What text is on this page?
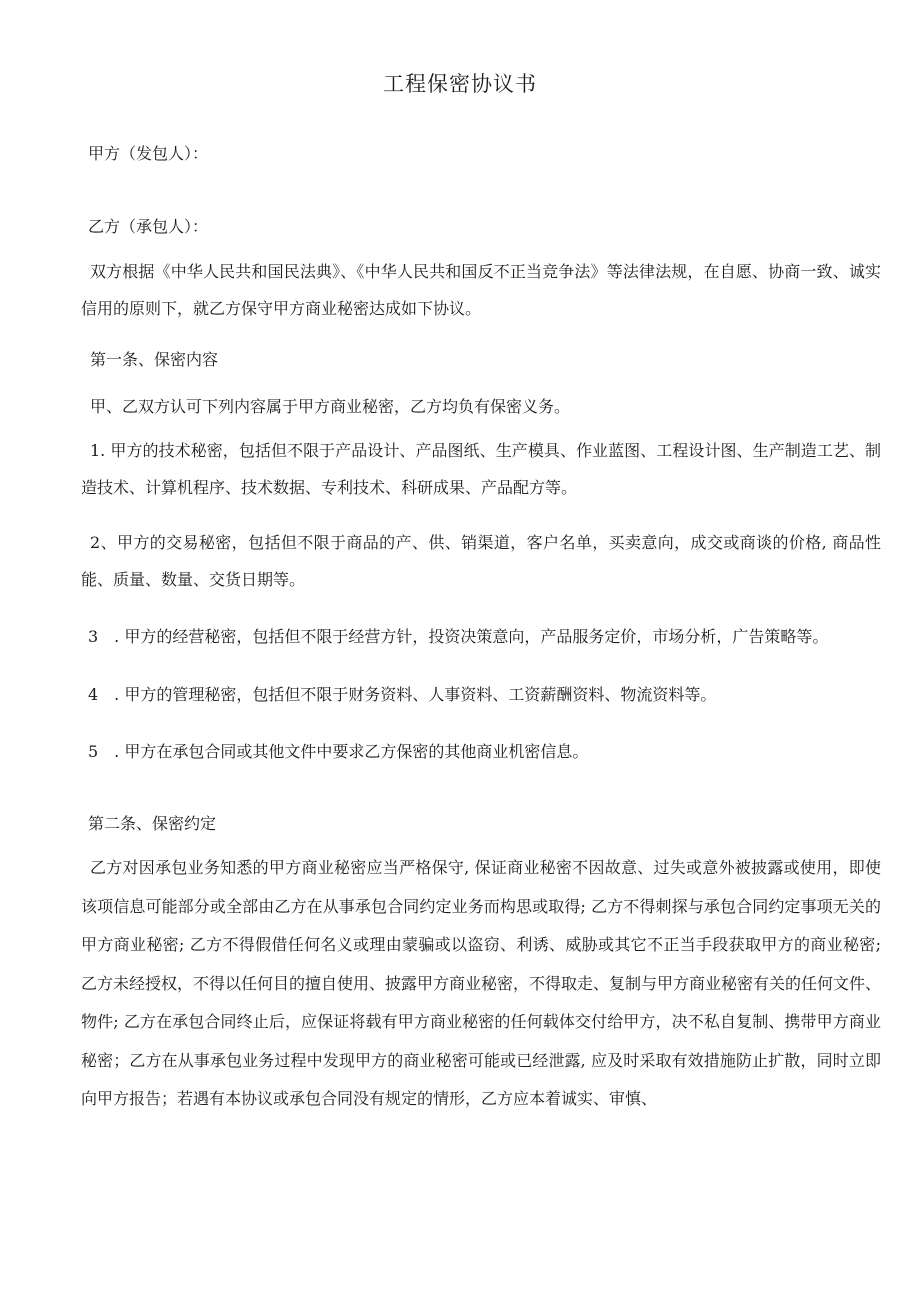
工程保密协议书
甲方（发包人）：
乙方（承包人）：
双方根据《中华人民共和国民法典》、《中华人民共和国反不正当竞争法》等法律法规，在自愿、协商一致、诚实信用的原则下，就乙方保守甲方商业秘密达成如下协议。
第一条、保密内容
甲、乙双方认可下列内容属于甲方商业秘密，乙方均负有保密义务。
1. 甲方的技术秘密，包括但不限于产品设计、产品图纸、生产模具、作业蓝图、工程设计图、生产制造工艺、制造技术、计算机程序、技术数据、专利技术、科研成果、产品配方等。
2、甲方的交易秘密，包括但不限于商品的产、供、销渠道，客户名单，买卖意向，成交或商谈的价格, 商品性能、质量、数量、交货日期等。
3　. 甲方的经营秘密，包括但不限于经营方针，投资决策意向，产品服务定价，市场分析，广告策略等。
4　. 甲方的管理秘密，包括但不限于财务资料、人事资料、工资薪酬资料、物流资料等。
5　. 甲方在承包合同或其他文件中要求乙方保密的其他商业机密信息。
第二条、保密约定
乙方对因承包业务知悉的甲方商业秘密应当严格保守, 保证商业秘密不因故意、过失或意外被披露或使用，即使该项信息可能部分或全部由乙方在从事承包合同约定业务而构思或取得; 乙方不得刺探与承包合同约定事项无关的甲方商业秘密; 乙方不得假借任何名义或理由蒙骗或以盗窃、利诱、威胁或其它不正当手段获取甲方的商业秘密; 乙方未经授权，不得以任何目的擅自使用、披露甲方商业秘密，不得取走、复制与甲方商业秘密有关的任何文件、物件; 乙方在承包合同终止后，应保证将载有甲方商业秘密的任何载体交付给甲方，决不私自复制、携带甲方商业秘密；乙方在从事承包业务过程中发现甲方的商业秘密可能或已经泄露, 应及时采取有效措施防止扩散，同时立即向甲方报告；若遇有本协议或承包合同没有规定的情形，乙方应本着诚实、审慎、
